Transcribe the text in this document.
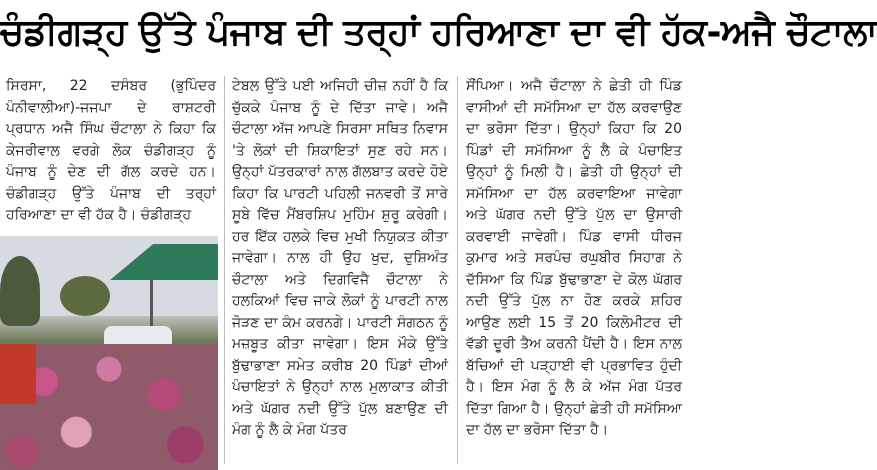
ਚੰਡੀਗੜ੍ਹ ਉੱਤੇ ਪੰਜਾਬ ਦੀ ਤਰ੍ਹਾਂ ਹਰਿਆਣਾ ਦਾ ਵੀ ਹੱਕ-ਅਜੈ ਚੌਟਾਲਾ

ਸਿਰਸਾ, 22 ਦਸੰਬਰ (ਭੁਪਿੰਦਰ ਪੰਨੀਵਾਲੀਆ)-ਜਜਪਾ ਦੇ ਰਾਸ਼ਟਰੀ ਪ੍ਰਧਾਨ ਅਜੈ ਸਿੰਘ ਚੌਟਾਲਾ ਨੇ ਕਿਹਾ ਕਿ ਕੇਜਰੀਵਾਲ ਵਰਗੇ ਲੋਕ ਚੰਡੀਗੜ੍ਹ ਨੂੰ ਪੰਜਾਬ ਨੂੰ ਦੇਣ ਦੀ ਗੱਲ ਕਰਦੇ ਹਨ। ਚੰਡੀਗੜ੍ਹ ਉੱਤੇ ਪੰਜਾਬ ਦੀ ਤਰ੍ਹਾਂ ਹਰਿਆਣਾ ਦਾ ਵੀ ਹੱਕ ਹੈ। ਚੰਡੀਗੜ੍ਹ

ਟੇਬਲ ਉੱਤੇ ਪਈ ਅਜਿਹੀ ਚੀਜ਼ ਨਹੀਂ ਹੈ ਕਿ ਚੁੱਕਕੇ ਪੰਜਾਬ ਨੂੰ ਦੇ ਦਿੱਤਾ ਜਾਵੇ। ਅਜੈ ਚੌਟਾਲਾ ਅੱਜ ਆਪਣੇ ਸਿਰਸਾ ਸਥਿਤ ਨਿਵਾਸ 'ਤੇ ਲੋਕਾਂ ਦੀ ਸ਼ਿਕਾਇਤਾਂ ਸੁਣ ਰਹੇ ਸਨ। ਉਨ੍ਹਾਂ ਪੱਤਰਕਾਰਾਂ ਨਾਲ ਗੱਲਬਾਤ ਕਰਦੇ ਹੋਏ ਕਿਹਾ ਕਿ ਪਾਰਟੀ ਪਹਿਲੀ ਜਨਵਰੀ ਤੋਂ ਸਾਰੇ ਸੂਬੇ ਵਿੱਚ ਮੈਂਬਰਸ਼ਿਪ ਮੁਹਿੰਮ ਸ਼ੁਰੂ ਕਰੇਗੀ। ਹਰ ਇੱਕ ਹਲਕੇ ਵਿਚ ਮੁਖੀ ਨਿਯੁਕਤ ਕੀਤਾ ਜਾਵੇਗਾ। ਨਾਲ ਹੀ ਉਹ ਖੁਦ, ਦੁਸ਼ਿਅੰਤ ਚੌਟਾਲਾ ਅਤੇ ਦਿਗਵਿਜੈ ਚੌਟਾਲਾ ਨੇ ਹਲਕਿਆਂ ਵਿਚ ਜਾਕੇ ਲੋਕਾਂ ਨੂੰ ਪਾਰਟੀ ਨਾਲ ਜੋੜਣ ਦਾ ਕੰਮ ਕਰਨਗੇ। ਪਾਰਟੀ ਸੰਗਠਨ ਨੂੰ ਮਜ਼ਬੂਤ ਕੀਤਾ ਜਾਵੇਗਾ। ਇਸ ਮੌਕੇ ਉੱਤੇ ਬੁੱਢਾਭਾਣਾ ਸਮੇਤ ਕਰੀਬ 20 ਪਿੰਡਾਂ ਦੀਆਂ ਪੰਚਾਇਤਾਂ ਨੇ ਉਨ੍ਹਾਂ ਨਾਲ ਮੁਲਾਕਾਤ ਕੀਤੀ ਅਤੇ ਘੱਗਰ ਨਦੀ ਉੱਤੇ ਪੁੱਲ ਬਣਾਉਣ ਦੀ ਮੰਗ ਨੂੰ ਲੈ ਕੇ ਮੰਗ ਪੱਤਰ

ਸੌਂਪਿਆ। ਅਜੈ ਚੌਟਾਲਾ ਨੇ ਛੇਤੀ ਹੀ ਪਿੰਡ ਵਾਸੀਆਂ ਦੀ ਸਮੱਸਿਆ ਦਾ ਹੱਲ ਕਰਵਾਉਣ ਦਾ ਭਰੋਸਾ ਦਿੱਤਾ। ਉਨ੍ਹਾਂ ਕਿਹਾ ਕਿ 20 ਪਿੰਡਾਂ ਦੀ ਸਮੱਸਿਆ ਨੂੰ ਲੈ ਕੇ ਪੰਚਾਇਤ ਉਨ੍ਹਾਂ ਨੂੰ ਮਿਲੀ ਹੈ। ਛੇਤੀ ਹੀ ਉਨ੍ਹਾਂ ਦੀ ਸਮੱਸਿਆ ਦਾ ਹੱਲ ਕਰਵਾਇਆ ਜਾਵੇਗਾ ਅਤੇ ਘੱਗਰ ਨਦੀ ਉੱਤੇ ਪੁੱਲ ਦਾ ਉਸਾਰੀ ਕਰਵਾਈ ਜਾਵੇਗੀ। ਪਿੰਡ ਵਾਸੀ ਧੀਰਜ ਕੁਮਾਰ ਅਤੇ ਸਰਪੰਚ ਰਘੁਬੀਰ ਸਿਹਾਗ ਨੇ ਦੱਸਿਆ ਕਿ ਪਿੰਡ ਬੁੱਢਾਭਾਣਾ ਦੇ ਕੋਲ ਘੱਗਰ ਨਦੀ ਉੱਤੇ ਪੁੱਲ ਨਾ ਹੋਣ ਕਰਕੇ ਸ਼ਹਿਰ ਆਉਣ ਲਈ 15 ਤੋਂ 20 ਕਿਲੋਮੀਟਰ ਦੀ ਵੱਡੀ ਦੂਰੀ ਤੈਅ ਕਰਨੀ ਪੈਂਦੀ ਹੈ। ਇਸ ਨਾਲ ਬੱਚਿਆਂ ਦੀ ਪੜ੍ਹਾਈ ਵੀ ਪ੍ਰਭਾਵਿਤ ਹੁੰਦੀ ਹੈ। ਇਸ ਮੰਗ ਨੂੰ ਲੈ ਕੇ ਅੱਜ ਮੰਗ ਪੱਤਰ ਦਿੱਤਾ ਗਿਆ ਹੈ। ਉਨ੍ਹਾਂ ਛੇਤੀ ਹੀ ਸਮੱਸਿਆ ਦਾ ਹੱਲ ਦਾ ਭਰੋਸਾ ਦਿੱਤਾ ਹੈ।
